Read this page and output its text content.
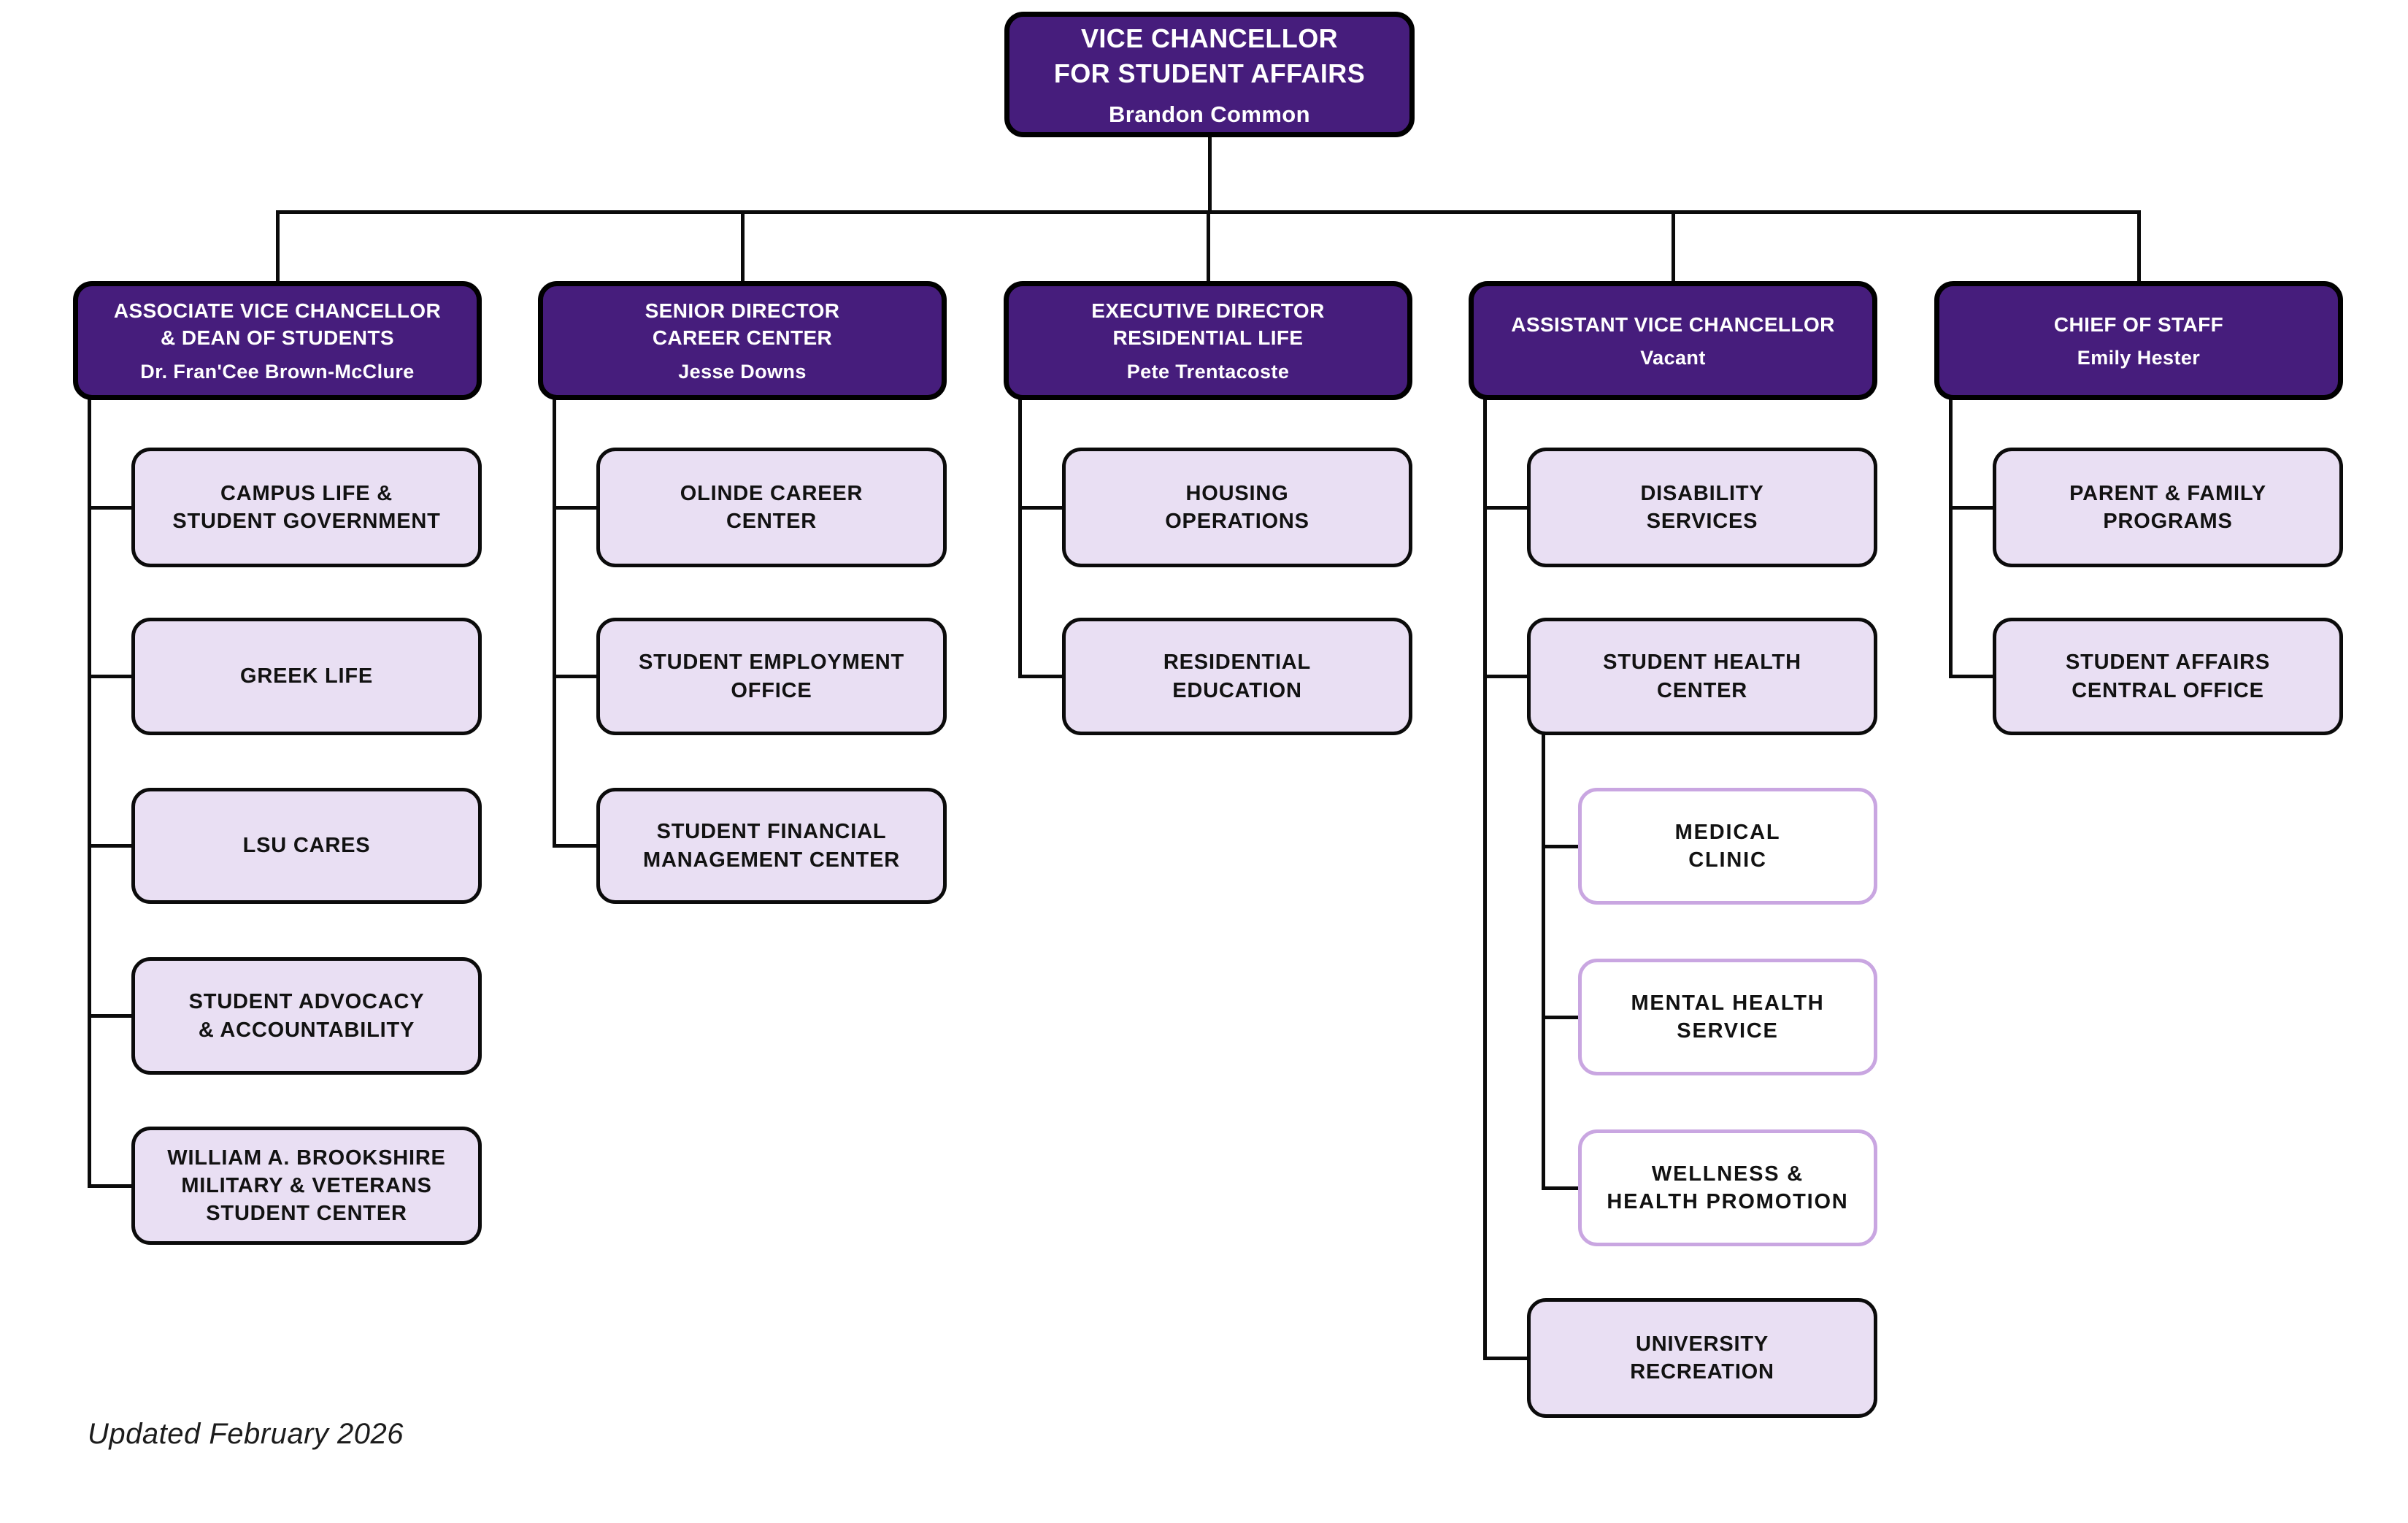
VICE CHANCELLOR
FOR STUDENT AFFAIRS
Brandon Common
ASSOCIATE VICE CHANCELLOR
& DEAN OF STUDENTS
Dr. Fran'Cee Brown-McClure
SENIOR DIRECTOR
CAREER CENTER
Jesse Downs
EXECUTIVE DIRECTOR
RESIDENTIAL LIFE
Pete Trentacoste
ASSISTANT VICE CHANCELLOR
Vacant
CHIEF OF STAFF
Emily Hester
CAMPUS LIFE &
STUDENT GOVERNMENT
GREEK LIFE
LSU CARES
STUDENT ADVOCACY
& ACCOUNTABILITY
WILLIAM A. BROOKSHIRE
MILITARY & VETERANS
STUDENT CENTER
OLINDE CAREER
CENTER
STUDENT EMPLOYMENT
OFFICE
STUDENT FINANCIAL
MANAGEMENT CENTER
HOUSING
OPERATIONS
RESIDENTIAL
EDUCATION
DISABILITY
SERVICES
STUDENT HEALTH
CENTER
MEDICAL
CLINIC
MENTAL HEALTH
SERVICE
WELLNESS &
HEALTH PROMOTION
UNIVERSITY
RECREATION
PARENT & FAMILY
PROGRAMS
STUDENT AFFAIRS
CENTRAL OFFICE
Updated February 2026
